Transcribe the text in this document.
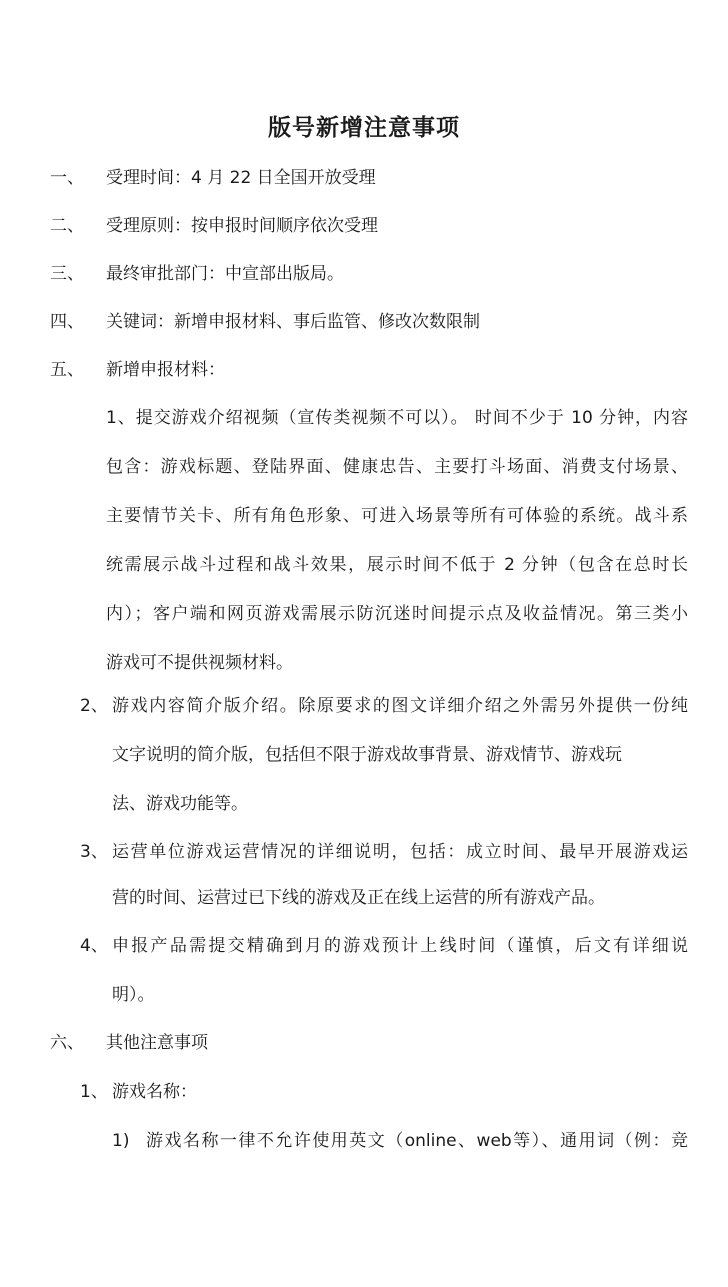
版号新增注意事项
一、 受理时间：4 月 22 日全国开放受理
二、 受理原则：按申报时间顺序依次受理
三、 最终审批部门：中宣部出版局。
四、 关键词：新增申报材料、事后监管、修改次数限制
五、 新增申报材料：
1、提交游戏介绍视频（宣传类视频不可以）。 时间不少于 10 分钟，内容
包含：游戏标题、登陆界面、健康忠告、主要打斗场面、消费支付场景、
主要情节关卡、所有角色形象、可进入场景等所有可体验的系统。战斗系
统需展示战斗过程和战斗效果，展示时间不低于 2 分钟（包含在总时长
内）；客户端和网页游戏需展示防沉迷时间提示点及收益情况。第三类小
游戏可不提供视频材料。
2、 游戏内容简介版介绍。除原要求的图文详细介绍之外需另外提供一份纯
文字说明的简介版，包括但不限于游戏故事背景、游戏情节、游戏玩
法、游戏功能等。
3、 运营单位游戏运营情况的详细说明，包括：成立时间、最早开展游戏运
营的时间、运营过已下线的游戏及正在线上运营的所有游戏产品。
4、 申报产品需提交精确到月的游戏预计上线时间（谨慎，后文有详细说
明）。
六、 其他注意事项
1、 游戏名称：
1) 游戏名称一律不允许使用英文（online、web等）、通用词（例：竞
